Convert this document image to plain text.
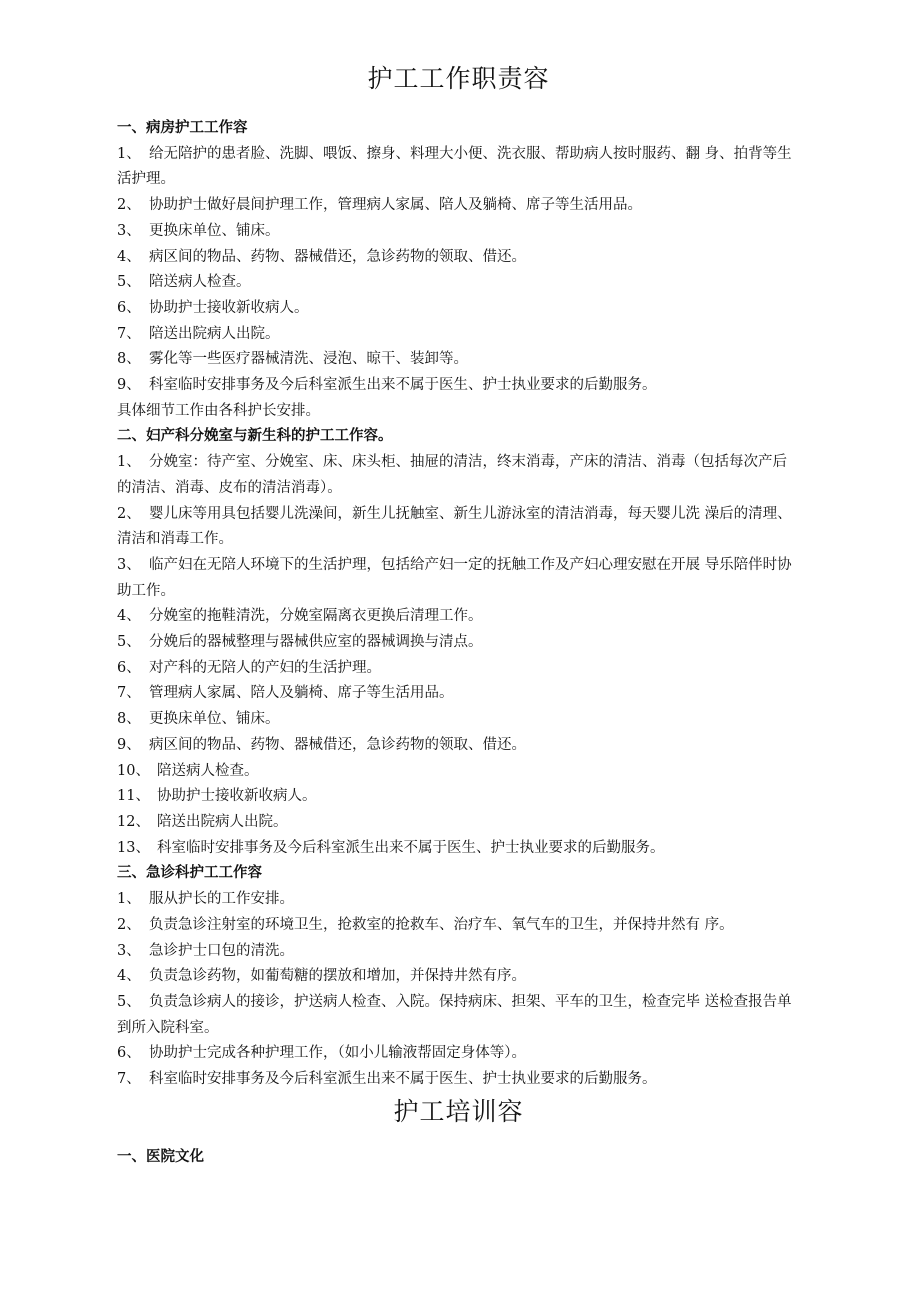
护工工作职责容

一、病房护工工作容

1、 给无陪护的患者脸、洗脚、喂饭、擦身、料理大小便、洗衣服、帮助病人按时服药、翻 身、拍背等生活护理。

2、 协助护士做好晨间护理工作，管理病人家属、陪人及躺椅、席子等生活用品。

3、 更换床单位、铺床。

4、 病区间的物品、药物、器械借还，急诊药物的领取、借还。

5、 陪送病人检查。

6、 协助护士接收新收病人。

7、 陪送出院病人出院。

8、 雾化等一些医疗器械清洗、浸泡、晾干、装卸等。

9、 科室临时安排事务及今后科室派生出来不属于医生、护士执业要求的后勤服务。

具体细节工作由各科护长安排。

二、妇产科分娩室与新生科的护工工作容。

1、 分娩室：待产室、分娩室、床、床头柜、抽屉的清洁，终末消毒，产床的清洁、消毒（包括每次产后的清洁、消毒、皮布的清洁消毒）。

2、 婴儿床等用具包括婴儿洗澡间，新生儿抚触室、新生儿游泳室的清洁消毒，每天婴儿洗 澡后的清理、清洁和消毒工作。

3、 临产妇在无陪人环境下的生活护理，包括给产妇一定的抚触工作及产妇心理安慰在开展 导乐陪伴时协助工作。

4、 分娩室的拖鞋清洗，分娩室隔离衣更换后清理工作。

5、 分娩后的器械整理与器械供应室的器械调换与清点。

6、 对产科的无陪人的产妇的生活护理。

7、 管理病人家属、陪人及躺椅、席子等生活用品。

8、 更换床单位、铺床。

9、 病区间的物品、药物、器械借还，急诊药物的领取、借还。

10、 陪送病人检查。

11、 协助护士接收新收病人。

12、 陪送出院病人出院。

13、 科室临时安排事务及今后科室派生出来不属于医生、护士执业要求的后勤服务。

三、急诊科护工工作容

1、 服从护长的工作安排。

2、 负责急诊注射室的环境卫生，抢救室的抢救车、治疗车、氧气车的卫生，并保持井然有 序。

3、 急诊护士口包的清洗。

4、 负责急诊药物，如葡萄糖的摆放和增加，并保持井然有序。

5、 负责急诊病人的接诊，护送病人检查、入院。保持病床、担架、平车的卫生，检查完毕 送检查报告单到所入院科室。

6、 协助护士完成各种护理工作，（如小儿输液帮固定身体等）。

7、 科室临时安排事务及今后科室派生出来不属于医生、护士执业要求的后勤服务。

护工培训容

一、医院文化
